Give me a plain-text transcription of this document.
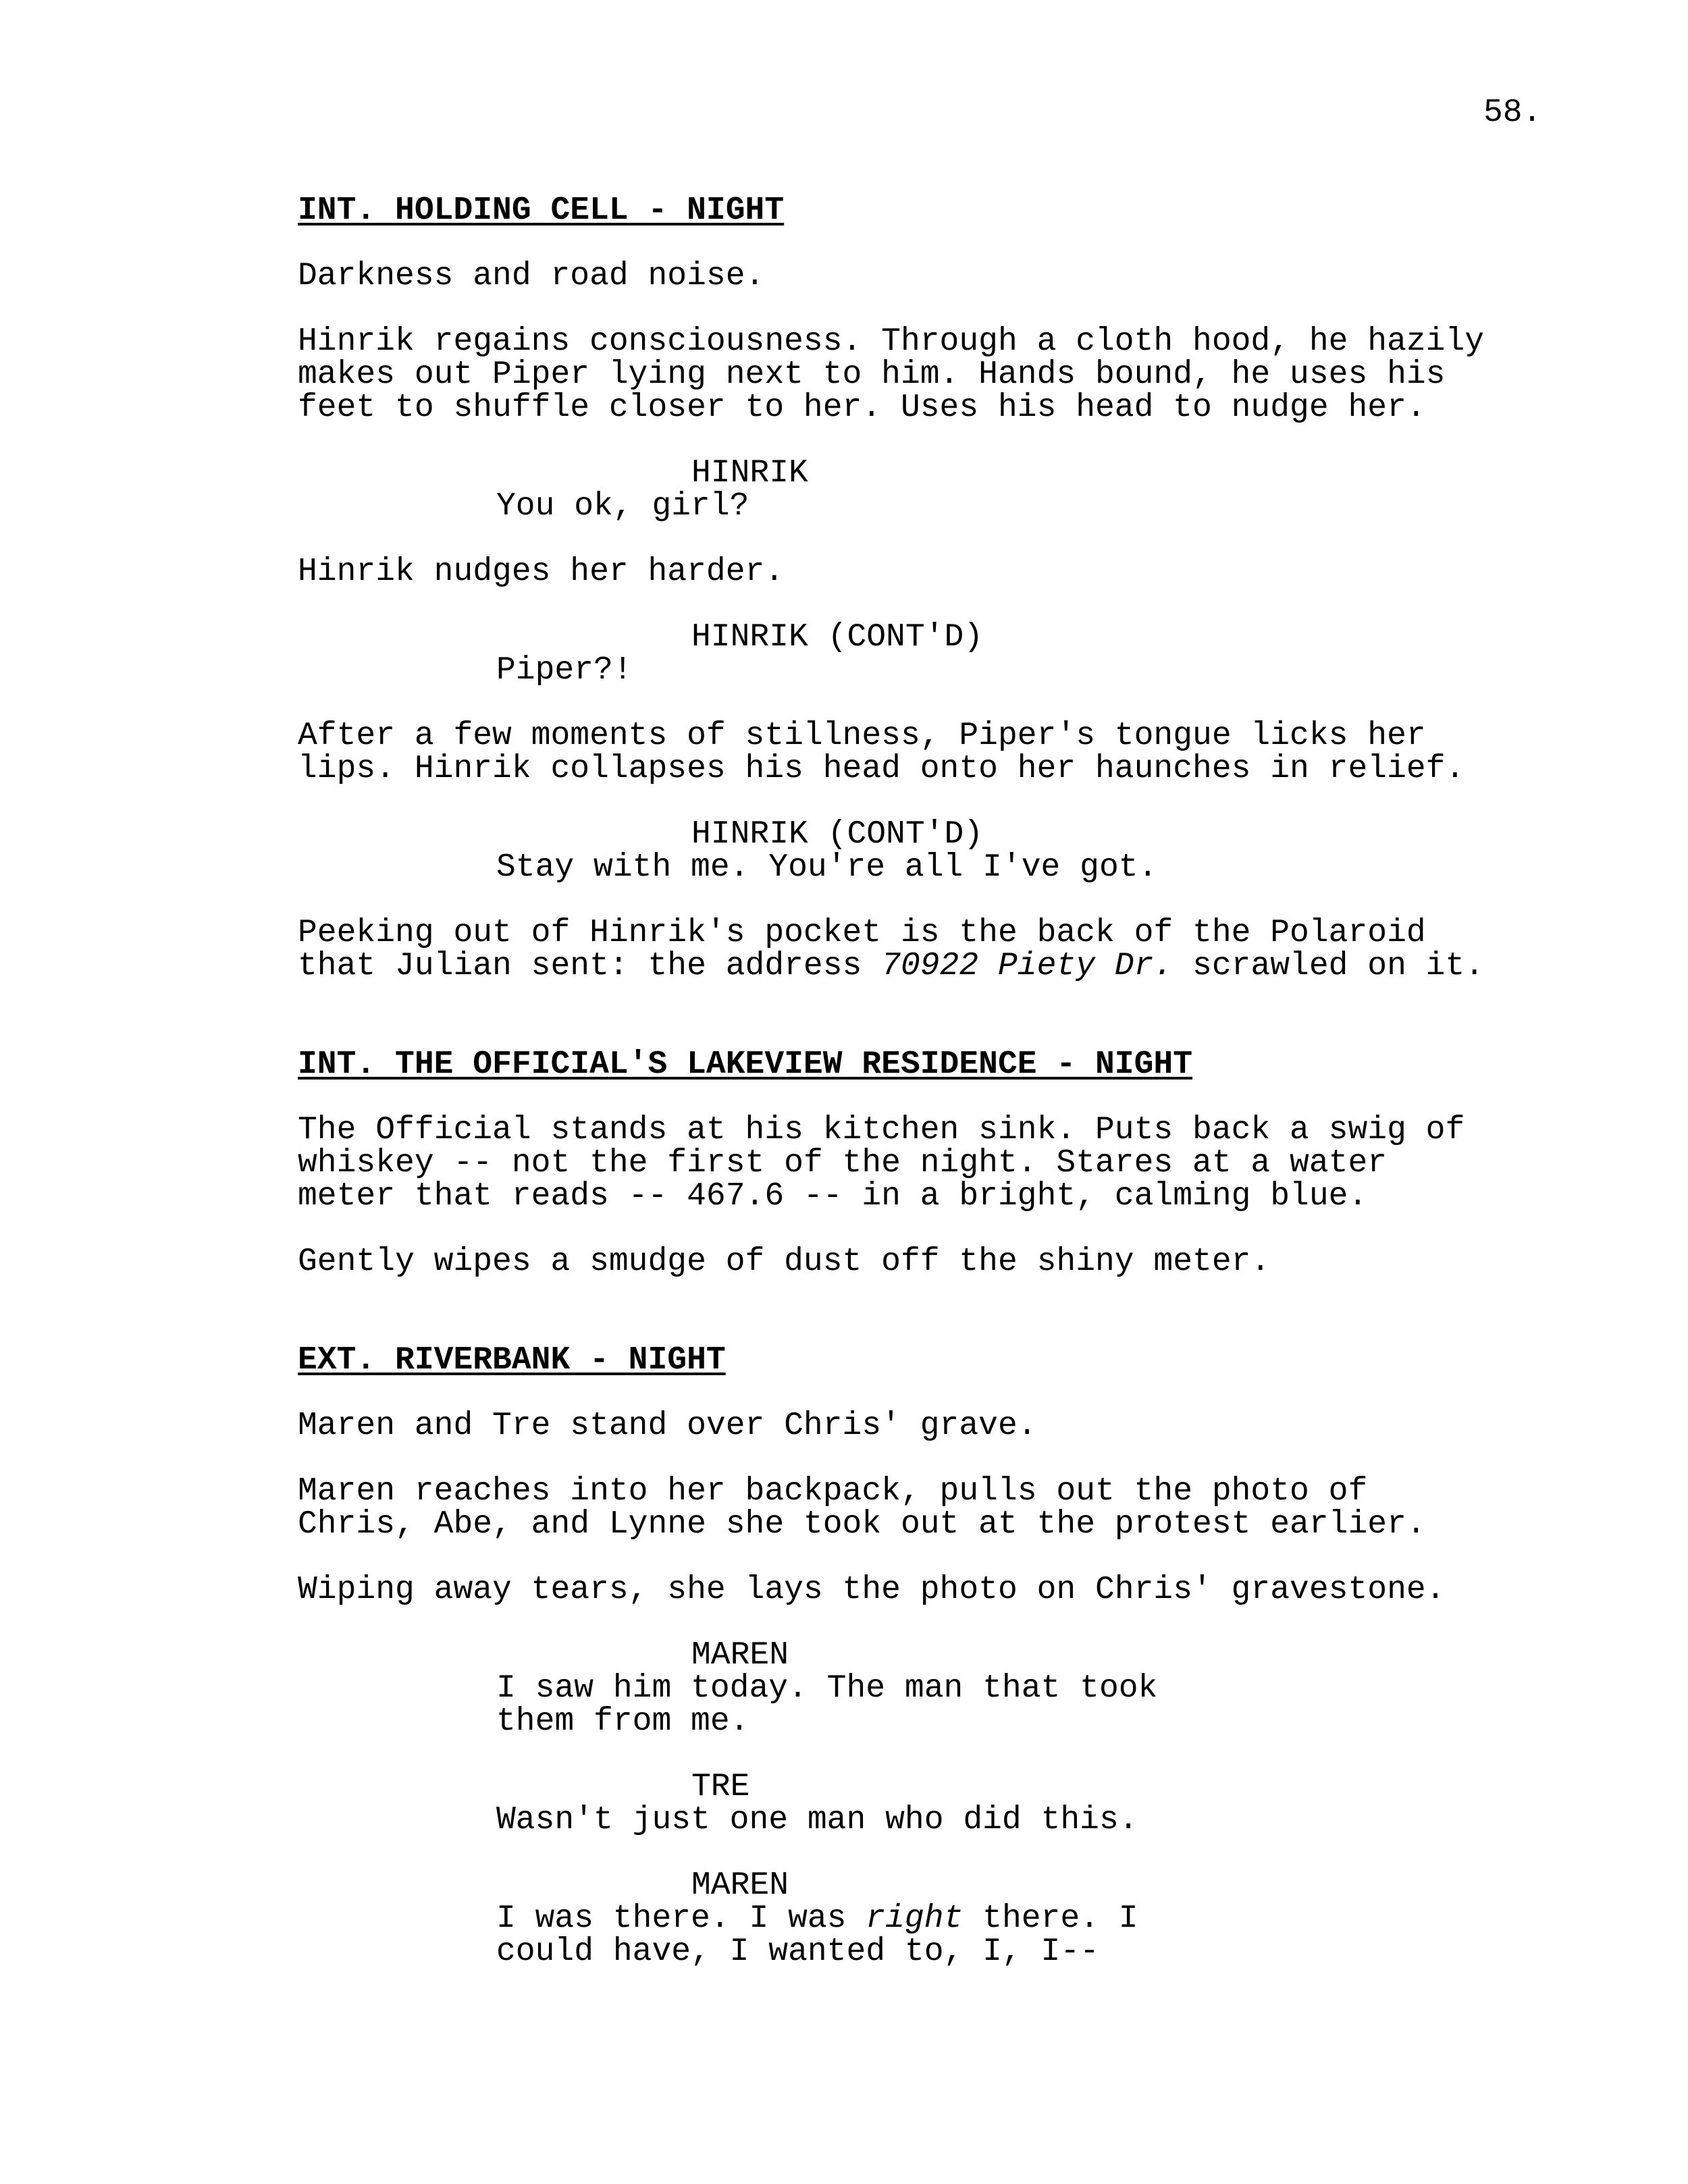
58.
INT. HOLDING CELL - NIGHT
Darkness and road noise.
Hinrik regains consciousness. Through a cloth hood, he hazily
makes out Piper lying next to him. Hands bound, he uses his
feet to shuffle closer to her. Uses his head to nudge her.
HINRIK
You ok, girl?
Hinrik nudges her harder.
HINRIK (CONT'D)
Piper?!
After a few moments of stillness, Piper's tongue licks her
lips. Hinrik collapses his head onto her haunches in relief.
HINRIK (CONT'D)
Stay with me. You're all I've got.
Peeking out of Hinrik's pocket is the back of the Polaroid
that Julian sent: the address 70922 Piety Dr. scrawled on it.
INT. THE OFFICIAL'S LAKEVIEW RESIDENCE - NIGHT
The Official stands at his kitchen sink. Puts back a swig of
whiskey -- not the first of the night. Stares at a water
meter that reads -- 467.6 -- in a bright, calming blue.
Gently wipes a smudge of dust off the shiny meter.
EXT. RIVERBANK - NIGHT
Maren and Tre stand over Chris' grave.
Maren reaches into her backpack, pulls out the photo of
Chris, Abe, and Lynne she took out at the protest earlier.
Wiping away tears, she lays the photo on Chris' gravestone.
MAREN
I saw him today. The man that took
them from me.
TRE
Wasn't just one man who did this.
MAREN
I was there. I was right there. I
could have, I wanted to, I, I--
